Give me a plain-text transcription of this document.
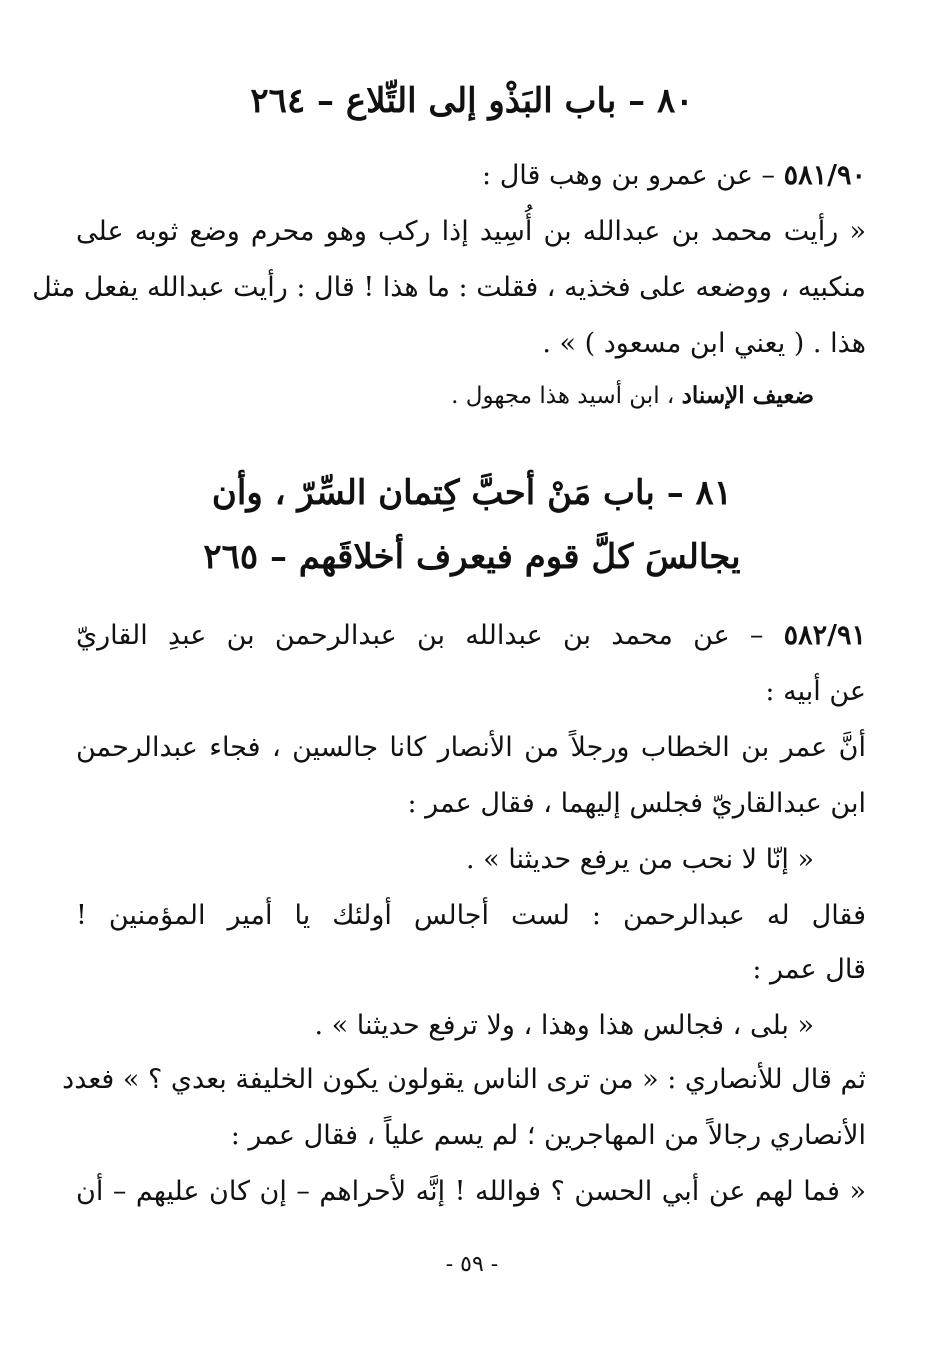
٨٠ – باب البَذْو إلى التِّلاع – ٢٦٤
٥٨١/٩٠ – عن عمرو بن وهب قال :
« رأيت محمد بن عبدالله بن أُسِيد إذا ركب وهو محرم وضع ثوبه على
منكبيه ، ووضعه على فخذيه ، فقلت : ما هذا ! قال : رأيت عبدالله يفعل مثل
هذا . ( يعني ابن مسعود ) » .
ضعيف الإسناد ، ابن أسيد هذا مجهول .
٨١ – باب مَنْ أحبَّ كِتمان السِّرّ ، وأن
يجالسَ كلَّ قوم فيعرف أخلاقَهم – ٢٦٥
٥٨٢/٩١ – عن محمد بن عبدالله بن عبدالرحمن بن عبدِ القاريّ
عن أبيه :
أنَّ عمر بن الخطاب ورجلاً من الأنصار كانا جالسين ، فجاء عبدالرحمن
ابن عبدالقاريّ فجلس إليهما ، فقال عمر :
« إنّا لا نحب من يرفع حديثنا » .
فقال له عبدالرحمن : لست أجالس أولئك يا أمير المؤمنين !
قال عمر :
« بلى ، فجالس هذا وهذا ، ولا ترفع حديثنا » .
ثم قال للأنصاري : « من ترى الناس يقولون يكون الخليفة بعدي ؟ » فعدد
الأنصاري رجالاً من المهاجرين ؛ لم يسم علياً ، فقال عمر :
« فما لهم عن أبي الحسن ؟ فوالله ! إنَّه لأحراهم – إن كان عليهم – أن
- ٥٩ -
